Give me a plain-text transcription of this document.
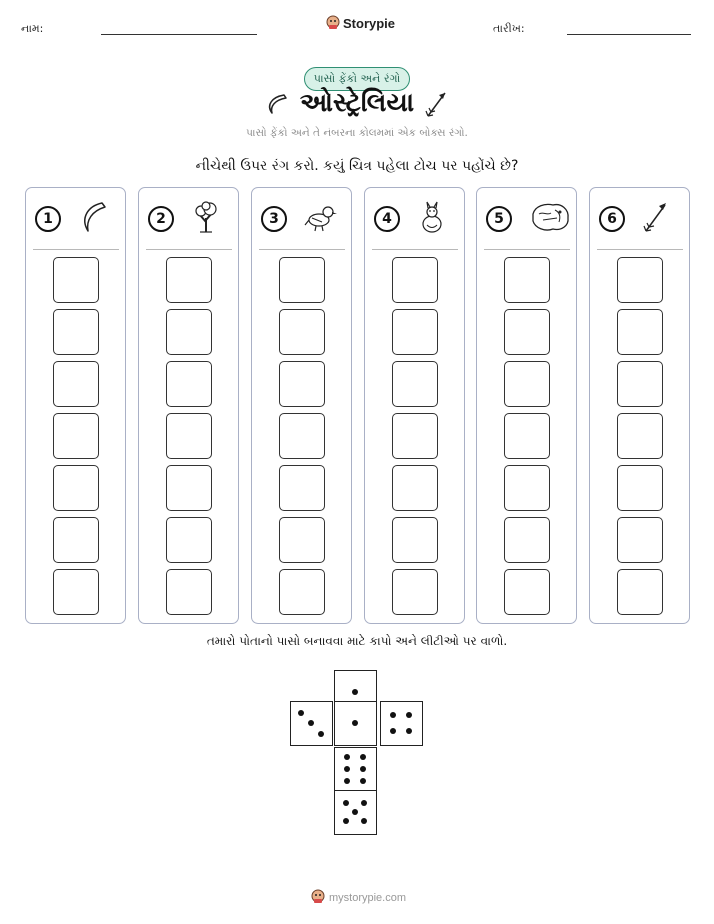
નામ:	Storypie	તારીખ:
પાસો ફેંકો અને રંગો
ઓસ્ટ્રેલિયા
પાસો ફેંકો અને તે નંબરના કોલમમાં એક બોક્સ રંગો.
નીચેથી ઉપર રંગ કરો. કયું ચિત્ર પહેલા ટોચ પર પહોંચે છે?
1	2	3	4	5	6
તમારો પોતાનો પાસો બનાવવા માટે કાપો અને લીટીઓ પર વાળો.
mystorypie.com
